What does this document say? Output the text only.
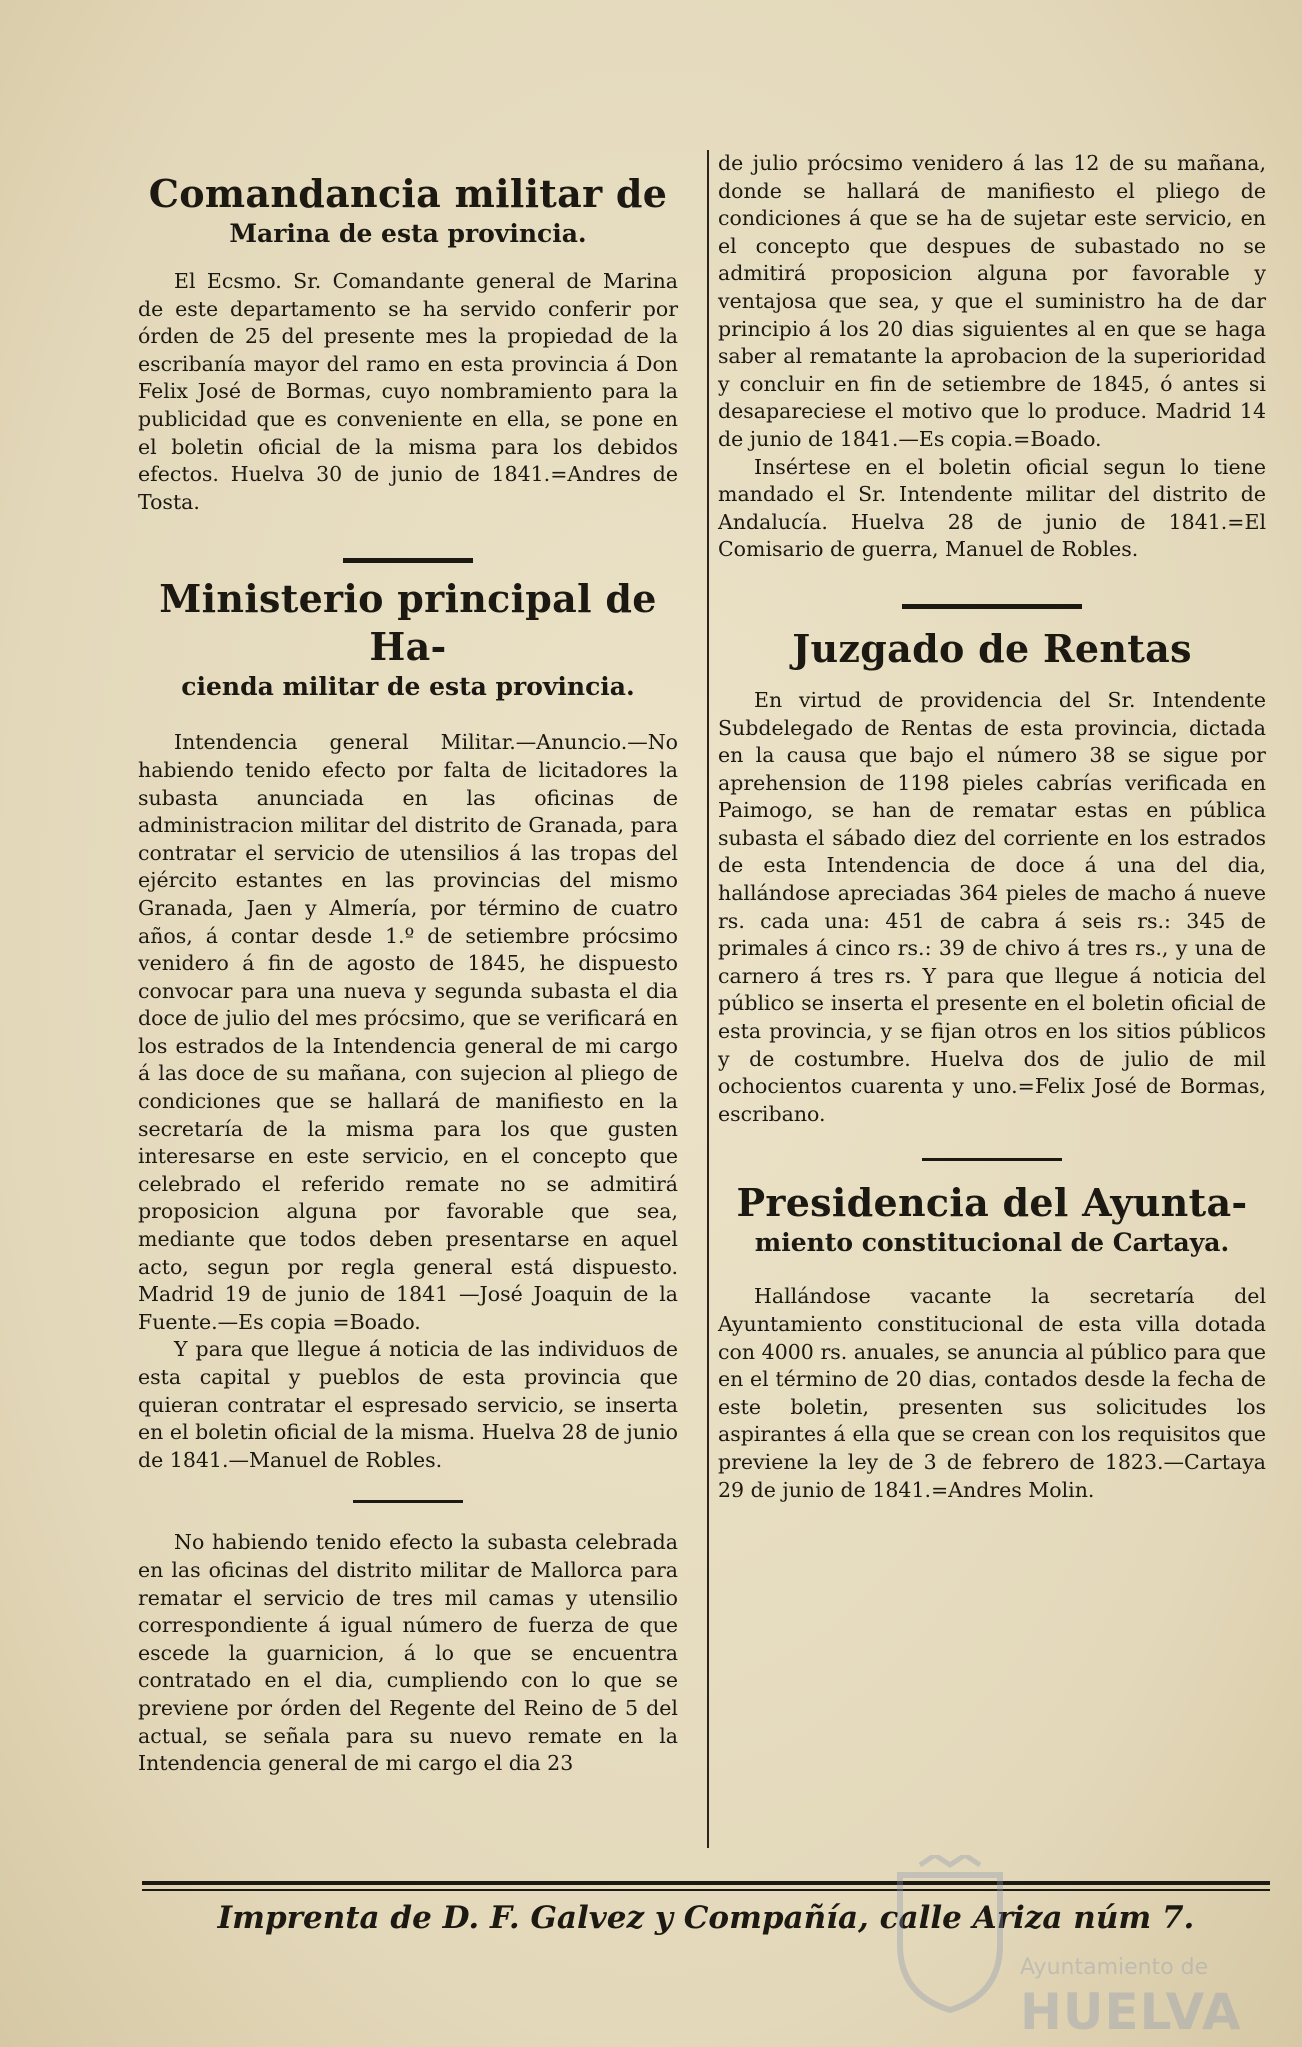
Comandancia militar de
Marina de esta provincia.

El Ecsmo. Sr. Comandante general de Marina de este departamento se ha servido conferir por órden de 25 del presente mes la propiedad de la escribanía mayor del ramo en esta provincia á Don Felix José de Bormas, cuyo nombramiento para la publicidad que es conveniente en ella, se pone en el boletin oficial de la misma para los debidos efectos. Huelva 30 de junio de 1841.=Andres de Tosta.

Ministerio principal de Ha-
cienda militar de esta provincia.

Intendencia general Militar.—Anuncio.—No habiendo tenido efecto por falta de licitadores la subasta anunciada en las oficinas de administracion militar del distrito de Granada, para contratar el servicio de utensilios á las tropas del ejército estantes en las provincias del mismo Granada, Jaen y Almería, por término de cuatro años, á contar desde 1.º de setiembre prócsimo venidero á fin de agosto de 1845, he dispuesto convocar para una nueva y segunda subasta el dia doce de julio del mes prócsimo, que se verificará en los estrados de la Intendencia general de mi cargo á las doce de su mañana, con sujecion al pliego de condiciones que se hallará de manifiesto en la secretaría de la misma para los que gusten interesarse en este servicio, en el concepto que celebrado el referido remate no se admitirá proposicion alguna por favorable que sea, mediante que todos deben presentarse en aquel acto, segun por regla general está dispuesto. Madrid 19 de junio de 1841 —José Joaquin de la Fuente.—Es copia =Boado.

Y para que llegue á noticia de las individuos de esta capital y pueblos de esta provincia que quieran contratar el espresado servicio, se inserta en el boletin oficial de la misma. Huelva 28 de junio de 1841.—Manuel de Robles.

No habiendo tenido efecto la subasta celebrada en las oficinas del distrito militar de Mallorca para rematar el servicio de tres mil camas y utensilio correspondiente á igual número de fuerza de que escede la guarnicion, á lo que se encuentra contratado en el dia, cumpliendo con lo que se previene por órden del Regente del Reino de 5 del actual, se señala para su nuevo remate en la Intendencia general de mi cargo el dia 23

de julio prócsimo venidero á las 12 de su mañana, donde se hallará de manifiesto el pliego de condiciones á que se ha de sujetar este servicio, en el concepto que despues de subastado no se admitirá proposicion alguna por favorable y ventajosa que sea, y que el suministro ha de dar principio á los 20 dias siguientes al en que se haga saber al rematante la aprobacion de la superioridad y concluir en fin de setiembre de 1845, ó antes si desapareciese el motivo que lo produce. Madrid 14 de junio de 1841.—Es copia.=Boado.

Insértese en el boletin oficial segun lo tiene mandado el Sr. Intendente militar del distrito de Andalucía. Huelva 28 de junio de 1841.=El Comisario de guerra, Manuel de Robles.

Juzgado de Rentas

En virtud de providencia del Sr. Intendente Subdelegado de Rentas de esta provincia, dictada en la causa que bajo el número 38 se sigue por aprehension de 1198 pieles cabrías verificada en Paimogo, se han de rematar estas en pública subasta el sábado diez del corriente en los estrados de esta Intendencia de doce á una del dia, hallándose apreciadas 364 pieles de macho á nueve rs. cada una: 451 de cabra á seis rs.: 345 de primales á cinco rs.: 39 de chivo á tres rs., y una de carnero á tres rs. Y para que llegue á noticia del público se inserta el presente en el boletin oficial de esta provincia, y se fijan otros en los sitios públicos y de costumbre. Huelva dos de julio de mil ochocientos cuarenta y uno.=Felix José de Bormas, escribano.

Presidencia del Ayunta-
miento constitucional de Cartaya.

Hallándose vacante la secretaría del Ayuntamiento constitucional de esta villa dotada con 4000 rs. anuales, se anuncia al público para que en el término de 20 dias, contados desde la fecha de este boletin, presenten sus solicitudes los aspirantes á ella que se crean con los requisitos que previene la ley de 3 de febrero de 1823.—Cartaya 29 de junio de 1841.=Andres Molin.

Imprenta de D. F. Galvez y Compañía, calle Ariza núm 7.
Ayuntamiento de
HUELVA
